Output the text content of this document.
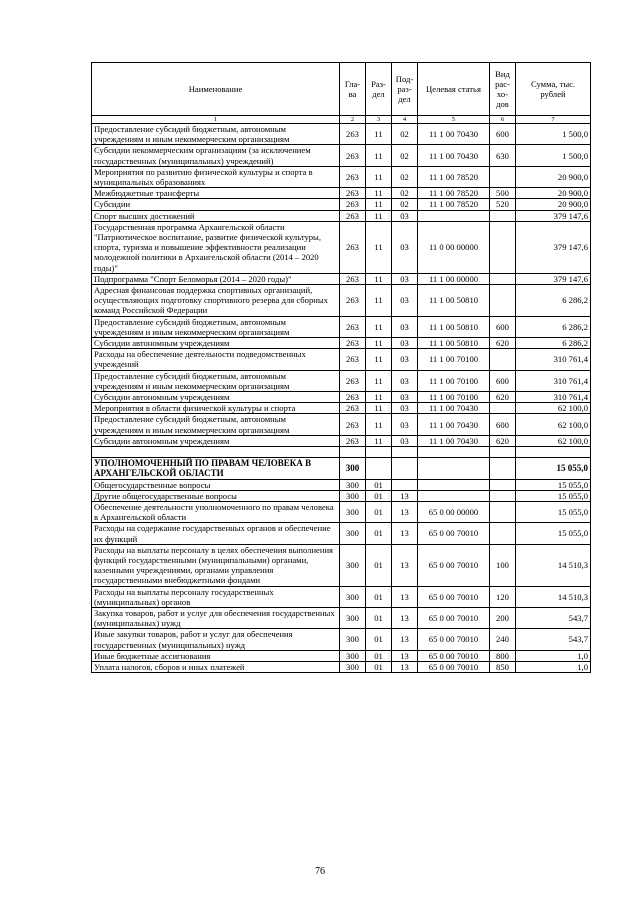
Наименование	Гла-ва	Раз-дел	Под-раз-дел	Целевая статья	Вид рас-хо-дов	Сумма, тыс. рублей
1	2	3	4	5	6	7
Предоставление субсидий бюджетным, автономным учреждениям и иным некоммерческим организациям	263	11	02	11 1 00 70430	600	1 500,0
Субсидии некоммерческим организациям (за исключением государственных (муниципальных) учреждений)	263	11	02	11 1 00 70430	630	1 500,0
Мероприятия по развитию физической культуры и спорта в муниципальных образованиях	263	11	02	11 1 00 78520		20 900,0
Межбюджетные трансферты	263	11	02	11 1 00 78520	500	20 900,0
Субсидии	263	11	02	11 1 00 78520	520	20 900,0
Спорт высших достижений	263	11	03			379 147,6
Государственная программа Архангельской области "Патриотическое воспитание, развитие физической культуры, спорта, туризма и повышение эффективности реализации молодежной политики в Архангельской области (2014 – 2020 годы)"	263	11	03	11 0 00 00000		379 147,6
Подпрограмма "Спорт Беломорья (2014 – 2020 годы)"	263	11	03	11 1 00 00000		379 147,6
Адресная финансовая поддержка спортивных организаций, осуществляющих подготовку спортивного резерва для сборных команд Российской Федерации	263	11	03	11 1 00 50810		6 286,2
Предоставление субсидий бюджетным, автономным учреждениям и иным некоммерческим организациям	263	11	03	11 1 00 50810	600	6 286,2
Субсидии автономным учреждениям	263	11	03	11 1 00 50810	620	6 286,2
Расходы на обеспечение деятельности подведомственных учреждений	263	11	03	11 1 00 70100		310 761,4
Предоставление субсидий бюджетным, автономным учреждениям и иным некоммерческим организациям	263	11	03	11 1 00 70100	600	310 761,4
Субсидии автономным учреждениям	263	11	03	11 1 00 70100	620	310 761,4
Мероприятия в области физической культуры и спорта	263	11	03	11 1 00 70430		62 100,0
Предоставление субсидий бюджетным, автономным учреждениям и иным некоммерческим организациям	263	11	03	11 1 00 70430	600	62 100,0
Субсидии автономным учреждениям	263	11	03	11 1 00 70430	620	62 100,0

УПОЛНОМОЧЕННЫЙ ПО ПРАВАМ ЧЕЛОВЕКА В АРХАНГЕЛЬСКОЙ ОБЛАСТИ	300					15 055,0
Общегосударственные вопросы	300	01				15 055,0
Другие общегосударственные вопросы	300	01	13			15 055,0
Обеспечение деятельности уполномоченного по правам человека в Архангельской области	300	01	13	65 0 00 00000		15 055,0
Расходы на содержание государственных органов и обеспечение их функций	300	01	13	65 0 00 70010		15 055,0
Расходы на выплаты персоналу в целях обеспечения выполнения функций государственными (муниципальными) органами, казенными учреждениями, органами управления государственными внебюджетными фондами	300	01	13	65 0 00 70010	100	14 510,3
Расходы на выплаты персоналу государственных (муниципальных) органов	300	01	13	65 0 00 70010	120	14 510,3
Закупка товаров, работ и услуг для обеспечения государственных (муниципальных) нужд	300	01	13	65 0 00 70010	200	543,7
Иные закупки товаров, работ и услуг для обеспечения государственных (муниципальных) нужд	300	01	13	65 0 00 70010	240	543,7
Иные бюджетные ассигнования	300	01	13	65 0 00 70010	800	1,0
Уплата налогов, сборов и иных платежей	300	01	13	65 0 00 70010	850	1,0
76
